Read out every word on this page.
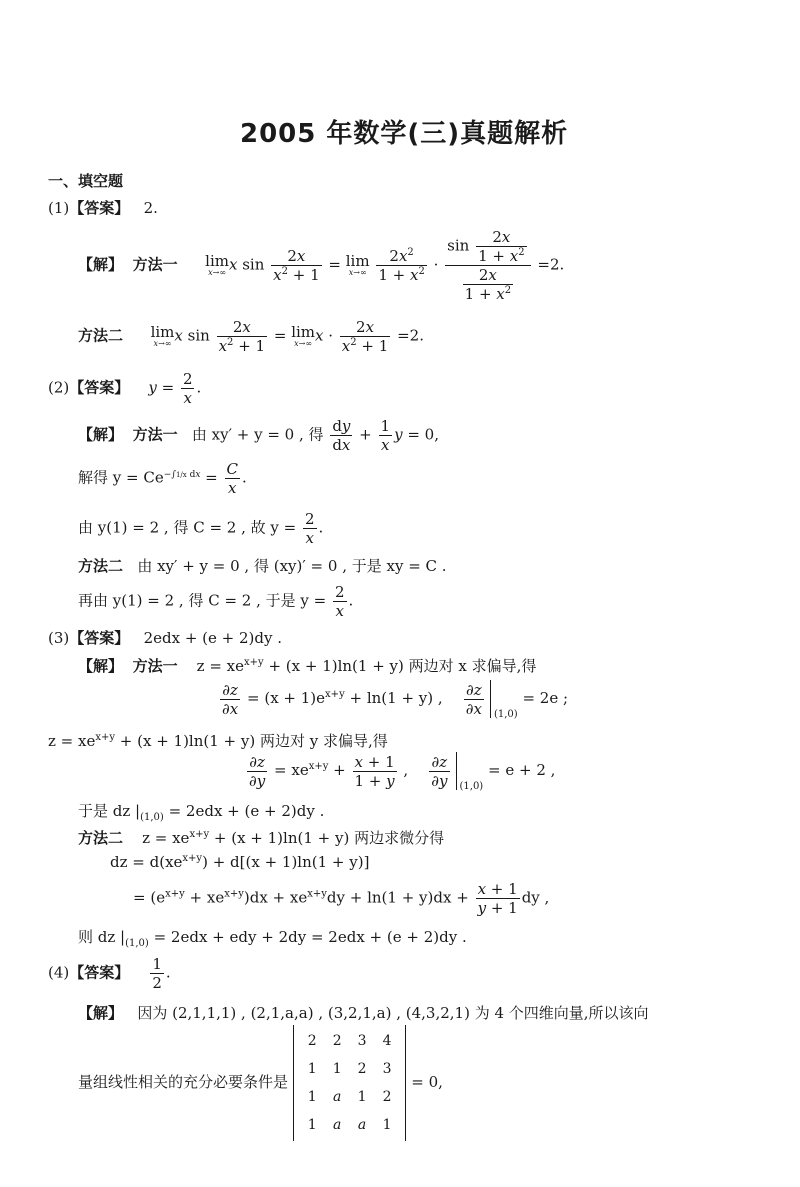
2005 年数学(三)真题解析
一、填空题
(1)【答案】 2.
【解】 方法一 lim
x→∞ x $\sin \frac{2x}{x^2 + 1} = \lim$
x→∞
$\frac{2x^2}{1 + x^2} \cdot \frac{\sin \frac{2x}{1 + x^2}}{\frac{2x}{1 + x^2}} =2$.
方法二 lim
x→∞ x $\sin \frac{2x}{x^2 + 1} = \lim$
x→∞ $x \cdot \frac{2x}{x^2 + 1} =2$.
(2)【答案】 $y = \frac{2}{x}$ .
【解】 方法一 由 xy′ + y = 0 , 得 $\frac{dy}{dx} + \frac{1}{x}$ y = 0,
解得 $y = Ce^{-\int 1/x dx} = \frac{C}{x}$ .
由 y(1) = 2 , 得 C = 2 , 故 $y = \frac{2}{x}$ .
方法二 由 xy′ + y = 0 , 得 (xy)′ = 0 , 于是 xy = C .
再由 y(1) = 2 , 得 C = 2 , 于是 $y = \frac{2}{x}$ .
(3)【答案】 2edx + (e + 2)dy .
【解】 方法一 $z = xe^{x+y} + (x + 1)\ln(1 + y)$ 两边对 x 求偏导,得
$\frac{\partial z}{\partial x} = (x + 1)e^{x+y} + \ln(1 + y)$ , $\frac{\partial z}{\partial x} _{(1,0)} = 2e$ ;
$z = xe^{x+y} + (x + 1)\ln(1 + y)$ 两边对 y 求偏导,得
$\frac{\partial z}{\partial y} = xe^{x+y} + \frac{x + 1}{1 + y}$ , $\frac{\partial z}{\partial y} _{(1,0)} = e + 2$ ,
于是 dz $|_{(1,0)} = 2edx + (e + 2)dy$ .
方法二 $z = xe^{x+y} + (x + 1)\ln(1 + y)$ 两边求微分得
dz = $d(xe^{x+y}) + d[(x + 1)\ln(1 + y)]$
= $(e^{x+y} + xe^{x+y})dx + xe^{x+y}dy + \ln(1 + y)dx + \frac{x + 1}{y + 1}$ dy ,
则 dz $|_{(1,0)} = 2edx$ + edy + 2dy = 2edx + (e + 2)dy .
(4)【答案】 $\frac{1}{2}$ .
【解】 因为 (2,1,1,1) , (2,1,a,a) , (3,2,1,a) , (4,3,2,1) 为 4 个四维向量,所以该向
量组线性相关的充分必要条件是
2	2	3	4
1	1	2	3
1	a	1	2
1	a	a	1
= 0,
